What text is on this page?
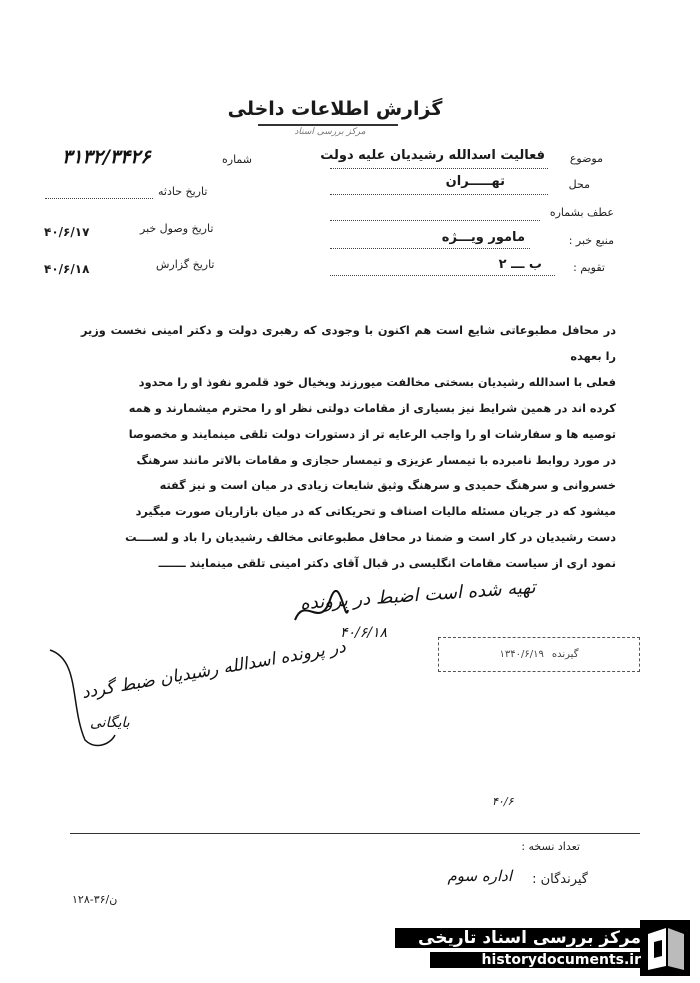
گزارش اطلاعات داخلی
مرکز بررسی اسناد
موضوع
فعالیت اسدالله رشیدیان علیه دولت
محل
تهـــــران
عطف بشماره
منبع خبر :
مامور ویـــژه
تقویم :
ب ـــ ۲
شماره
۳۱۳۲/۳۴۲۶
تاریخ حادثه
تاریخ وصول خبر
۴۰/۶/۱۷
تاریخ گزارش
۴۰/۶/۱۸

در محافل مطبوعاتی شایع است هم اکنون با وجودی که رهبری دولت و دکتر امینی نخست وزیر را بعهده

فعلی با اسدالله رشیدیان بسختی مخالفت میورزند ویخیال خود قلمرو نفوذ او را محدود

کرده اند در همین شرایط نیز بسیاری از مقامات دولتی نظر او را محترم میشمارند و همه

توصیه ها و سفارشات او را واجب الرعایه تر از دستورات دولت تلقی مینمایند و مخصوصا

در مورد روابط نامبرده با تیمسار عزیزی و تیمسار حجازی و مقامات بالاتر مانند سرهنگ

خسروانی و سرهنگ حمیدی و سرهنگ وثیق شایعات زیادی در میان است و نیز گفته

میشود که در جریان مسئله مالیات اصناف و تحریکاتی که در میان بازاریان صورت میگیرد

دست رشیدیان در کار است و ضمنا در محافل مطبوعاتی مخالف رشیدیان را باد و لســــت

نمود اری از سیاست مقامات انگلیسی در قبال آقای دکتر امینی تلقی مینمایند ـــــــ

تهیه شده است اضبط در پرونده
۴۰/۶/۱۸
در پرونده اسدالله رشیدیان ضبط گردد
بایگانی
گیرنده
۱۳۴۰/۶/۱۹
۴۰/۶
تعداد نسخه :
گیرندگان :
اداره سوم
۱۲۸-۳۶/ن
مرکز بررسی اسناد تاریخی
historydocuments.ir
